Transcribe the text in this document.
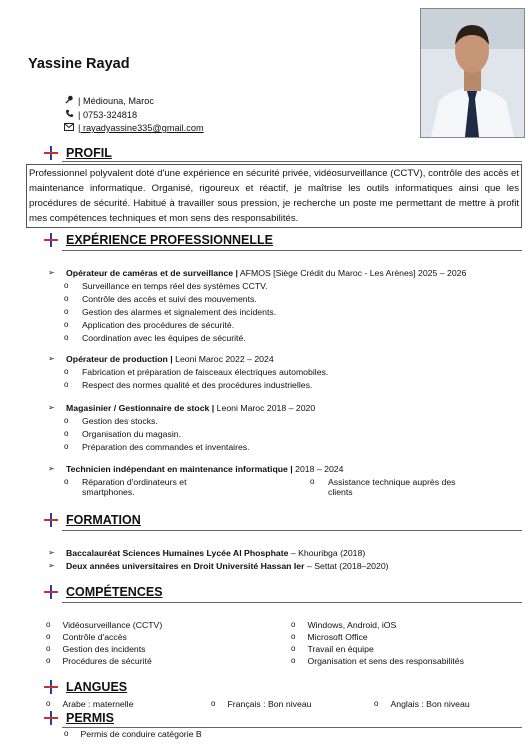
Yassine Rayad
| Médiouna, Maroc
| 0753-324818
| rayadyassine335@gmail.com
PROFIL
Professionnel polyvalent doté d'une expérience en sécurité privée, vidéosurveillance (CCTV), contrôle des accès et maintenance informatique. Organisé, rigoureux et réactif, je maîtrise les outils informatiques ainsi que les procédures de sécurité. Habitué à travailler sous pression, je recherche un poste me permettant de mettre à profit mes compétences techniques et mon sens des responsabilités.
EXPÉRIENCE PROFESSIONNELLE
➢	Opérateur de caméras et de surveillance | AFMOS [Siège Crédit du Maroc - Les Arènes] 2025 – 2026
o Surveillance en temps réel des systèmes CCTV.
o Contrôle des accès et suivi des mouvements.
o Gestion des alarmes et signalement des incidents.
o Application des procédures de sécurité.
o Coordination avec les équipes de sécurité.
➢	Opérateur de production | Leoni Maroc 2022 – 2024
o Fabrication et préparation de faisceaux électriques automobiles.
o Respect des normes qualité et des procédures industrielles.
➢	Magasinier / Gestionnaire de stock | Leoni Maroc 2018 – 2020
o Gestion des stocks.
o Organisation du magasin.
o Préparation des commandes et inventaires.
➢	Technicien indépendant en maintenance informatique | 2018 – 2024
o Réparation d'ordinateurs et
smartphones.
o Assistance technique auprès des
clients
FORMATION
➢	Baccalauréat Sciences Humaines Lycée Al Phosphate – Khouribga (2018)
➢	Deux années universitaires en Droit Université Hassan Ier – Settat (2018–2020)
COMPÉTENCES
o Vidéosurveillance (CCTV)
o Contrôle d'accès
o Gestion des incidents
o Procédures de sécurité
o Windows, Android, iOS
o Microsoft Office
o Travail en équipe
o Organisation et sens des responsabilités
LANGUES
o Arabe : maternelle	o Français : Bon niveau	o Anglais : Bon niveau
PERMIS
o Permis de conduire catégorie B
